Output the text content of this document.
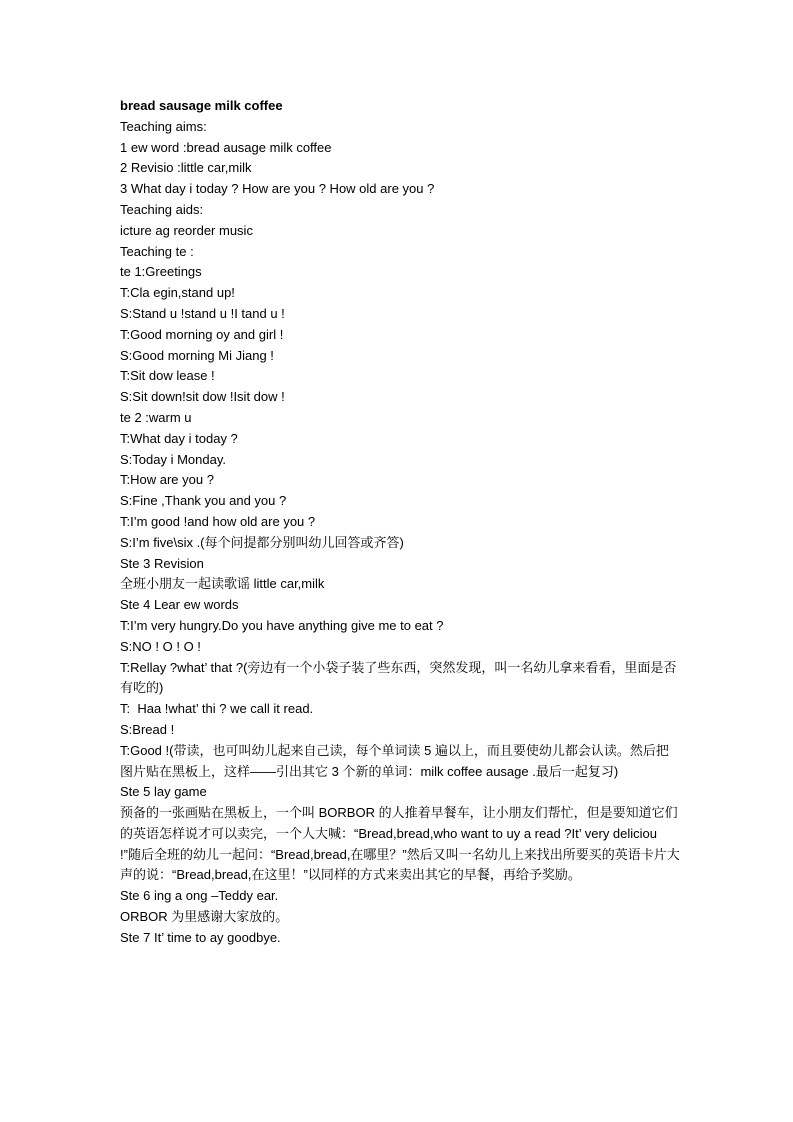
bread sausage milk coffee
Teaching aims:
1 ew word :bread ausage milk coffee
2 Revisio :little car,milk
3 What day i today ? How are you ? How old are you ?
Teaching aids:
icture ag reorder music
Teaching te :
te 1:Greetings
T:Cla egin,stand up!
S:Stand u !stand u !I tand u !
T:Good morning oy and girl !
S:Good morning Mi Jiang !
T:Sit dow lease !
S:Sit down!sit dow !Isit dow !
te 2 :warm u
T:What day i today ?
S:Today i Monday.
T:How are you ?
S:Fine ,Thank you and you ?
T:I’m good !and how old are you ?
S:I’m five\six .(每个问提都分别叫幼儿回答或齐答)
Ste 3 Revision
全班小朋友一起读歌谣 little car,milk
Ste 4 Lear ew words
T:I’m very hungry.Do you have anything give me to eat ?
S:NO ! O ! O !
T:Rellay ?what’ that ?(旁边有一个小袋子装了些东西，突然发现，叫一名幼儿拿来看看，里面是否有吃的)
T:  Haa !what’ thi ? we call it read.
S:Bread !
T:Good !(带读，也可叫幼儿起来自己读，每个单词读 5 遍以上，而且要使幼儿都会认读。然后把图片贴在黑板上，这样——引出其它 3 个新的单词：milk coffee ausage .最后一起复习)
Ste 5 lay game
预备的一张画贴在黑板上，一个叫 BORBOR 的人推着早餐车，让小朋友们帮忙，但是要知道它们的英语怎样说才可以卖完，一个人大喊：“Bread,bread,who want to uy a read ?It’ very deliciou !”随后全班的幼儿一起问：“Bread,bread,在哪里？”然后又叫一名幼儿上来找出所要买的英语卡片大声的说：“Bread,bread,在这里！”以同样的方式来卖出其它的早餐，再给予奖励。
Ste 6 ing a ong –Teddy ear.
ORBOR 为里感谢大家放的。
Ste 7 It’ time to ay goodbye.
